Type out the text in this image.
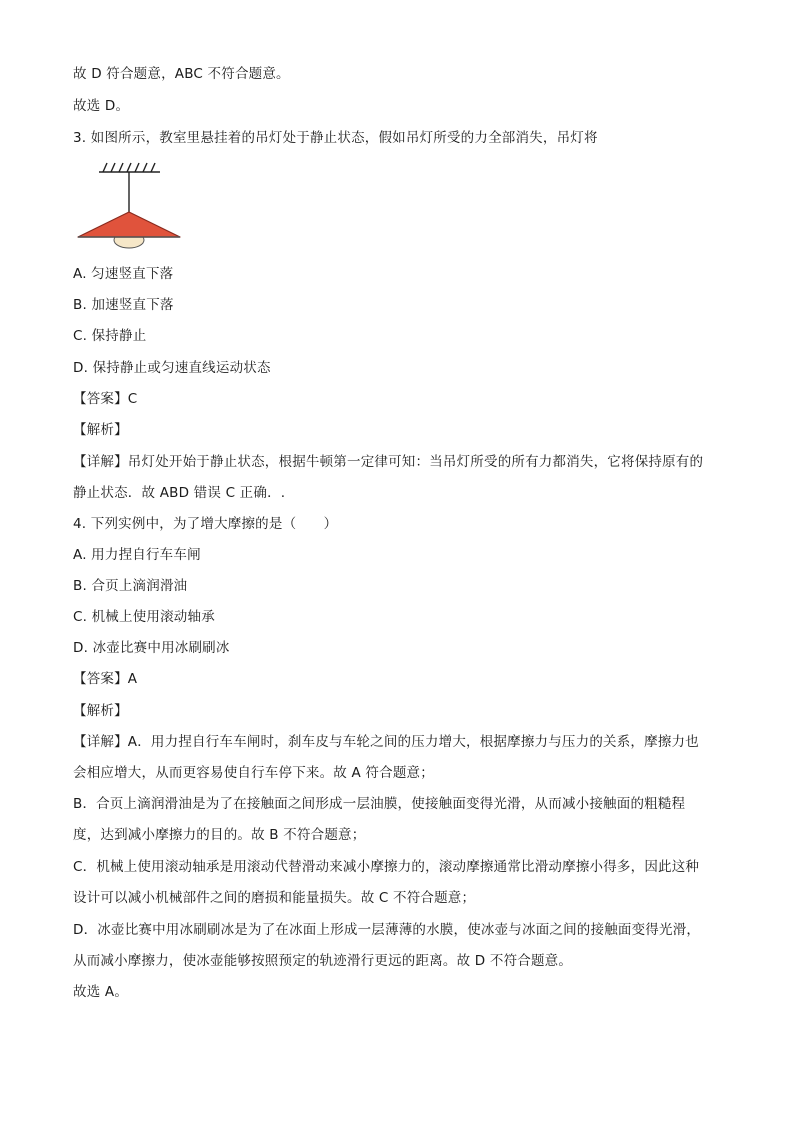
故 D 符合题意，ABC 不符合题意。
故选 D。
3. 如图所示，教室里悬挂着的吊灯处于静止状态，假如吊灯所受的力全部消失，吊灯将
A. 匀速竖直下落
B. 加速竖直下落
C. 保持静止
D. 保持静止或匀速直线运动状态
【答案】C
【解析】
【详解】吊灯处开始于静止状态，根据牛顿第一定律可知：当吊灯所受的所有力都消失，它将保持原有的
静止状态．故 ABD 错误 C 正确．.
4. 下列实例中，为了增大摩擦的是（　　）
A. 用力捏自行车车闸
B. 合页上滴润滑油
C. 机械上使用滚动轴承
D. 冰壶比赛中用冰刷刷冰
【答案】A
【解析】
【详解】A．用力捏自行车车闸时，刹车皮与车轮之间的压力增大，根据摩擦力与压力的关系，摩擦力也
会相应增大，从而更容易使自行车停下来。故 A 符合题意；
B．合页上滴润滑油是为了在接触面之间形成一层油膜，使接触面变得光滑，从而减小接触面的粗糙程
度，达到减小摩擦力的目的。故 B 不符合题意；
C．机械上使用滚动轴承是用滚动代替滑动来减小摩擦力的，滚动摩擦通常比滑动摩擦小得多，因此这种
设计可以减小机械部件之间的磨损和能量损失。故 C 不符合题意；
D．冰壶比赛中用冰刷刷冰是为了在冰面上形成一层薄薄的水膜，使冰壶与冰面之间的接触面变得光滑，
从而减小摩擦力，使冰壶能够按照预定的轨迹滑行更远的距离。故 D 不符合题意。
故选 A。
